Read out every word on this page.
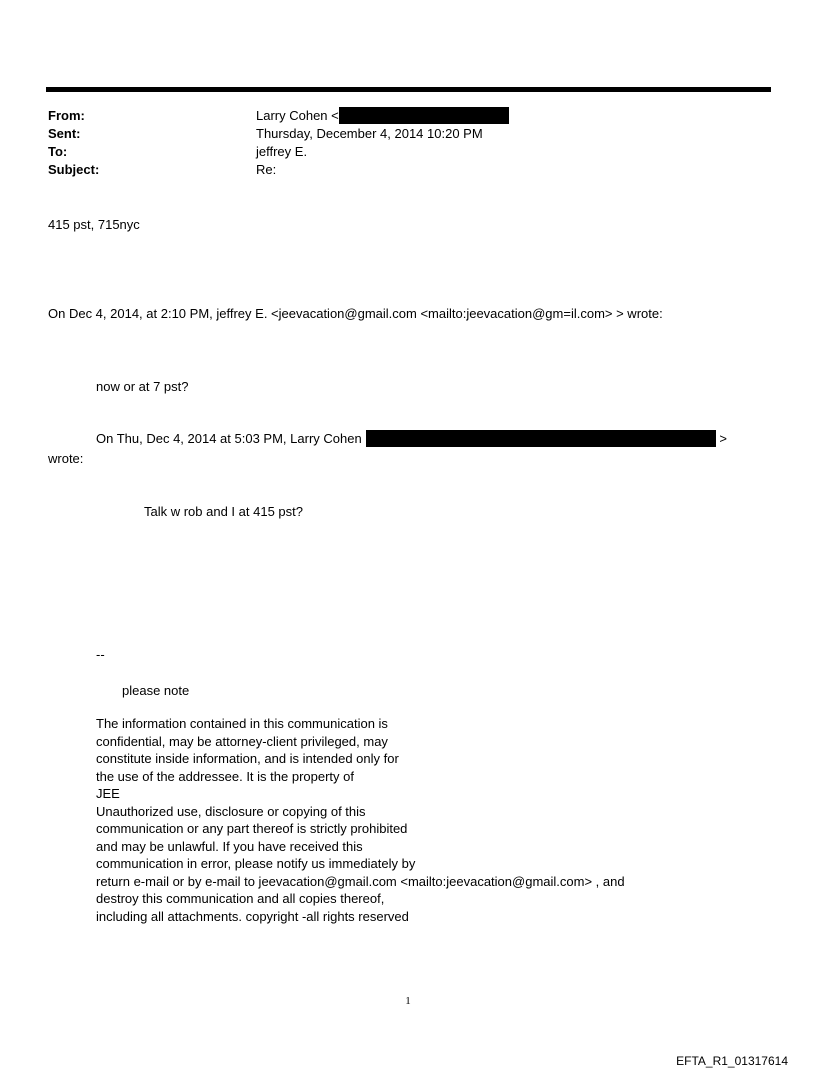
From:	Larry Cohen <
Sent:	Thursday, December 4, 2014 10:20 PM
To:	jeffrey E.
Subject:	Re:
415 pst, 715nyc
On Dec 4, 2014, at 2:10 PM, jeffrey E. <jeevacation@gmail.com <mailto:jeevacation@gm=il.com> > wrote:
now or at 7 pst?
On Thu, Dec 4, 2014 at 5:03 PM, Larry Cohen	>
wrote:
Talk w rob and I at 415 pst?
--
please note
The information contained in this communication is
confidential, may be attorney-client privileged, may
constitute inside information, and is intended only for
the use of the addressee. It is the property of
JEE
Unauthorized use, disclosure or copying of this
communication or any part thereof is strictly prohibited
and may be unlawful. If you have received this
communication in error, please notify us immediately by
return e-mail or by e-mail to jeevacation@gmail.com <mailto:jeevacation@gmail.com> , and
destroy this communication and all copies thereof,
including all attachments. copyright -all rights reserved
1
EFTA_R1_01317614
